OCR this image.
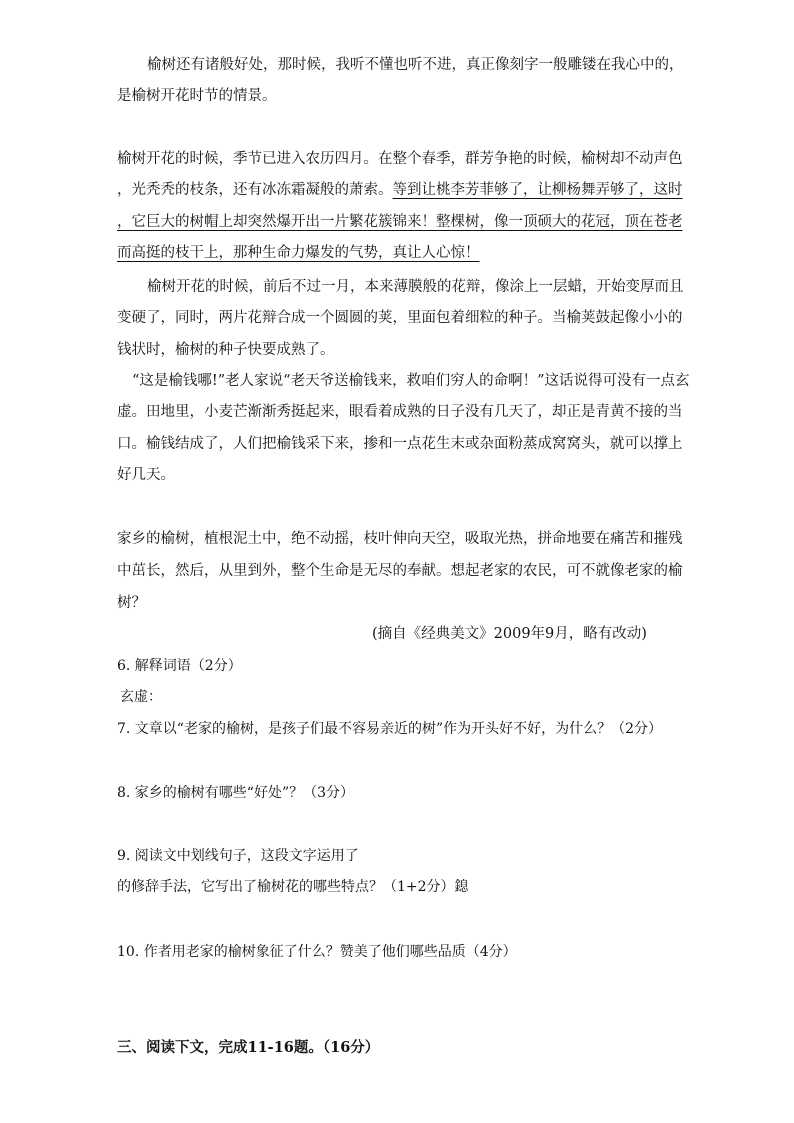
榆树还有诸般好处，那时候，我听不懂也听不进，真正像刻字一般雕镂在我心中的，
是榆树开花时节的情景。
榆树开花的时候，季节已进入农历四月。在整个春季，群芳争艳的时候，榆树却不动声色
，光秃秃的枝条，还有冰冻霜凝般的萧索。等到让桃李芳菲够了，让柳杨舞弄够了，这时
，它巨大的树帽上却突然爆开出一片繁花簇锦来！整棵树，像一顶硕大的花冠，顶在苍老
而高挺的枝干上，那种生命力爆发的气势，真让人心惊！
榆树开花的时候，前后不过一月，本来薄膜般的花辩，像涂上一层蜡，开始变厚而且
变硬了，同时，两片花辩合成一个圆圆的荚，里面包着细粒的种子。当榆荚鼓起像小小的
钱状时，榆树的种子快要成熟了。
“这是榆钱哪!”老人家说“老天爷送榆钱来，救咱们穷人的命啊！”这话说得可没有一点玄
虚。田地里，小麦芒渐渐秀挺起来，眼看着成熟的日子没有几天了，却正是青黄不接的当
口。榆钱结成了，人们把榆钱采下来，掺和一点花生末或杂面粉蒸成窝窝头，就可以撑上
好几天。
家乡的榆树，植根泥土中，绝不动摇，枝叶伸向天空，吸取光热，拼命地要在痛苦和摧残
中茁长，然后，从里到外，整个生命是无尽的奉献。想起老家的农民，可不就像老家的榆
树？
(摘自《经典美文》2009年9月，略有改动)
6. 解释词语（2分）
玄虚：
7. 文章以“老家的榆树，是孩子们最不容易亲近的树”作为开头好不好，为什么？（2分）
8. 家乡的榆树有哪些“好处”？（3分）
9. 阅读文中划线句子，这段文字运用了
的修辞手法，它写出了榆树花的哪些特点？（1+2分）鎴
10. 作者用老家的榆树象征了什么？赞美了他们哪些品质（4分）
三、阅读下文，完成11-16题。（16分）
